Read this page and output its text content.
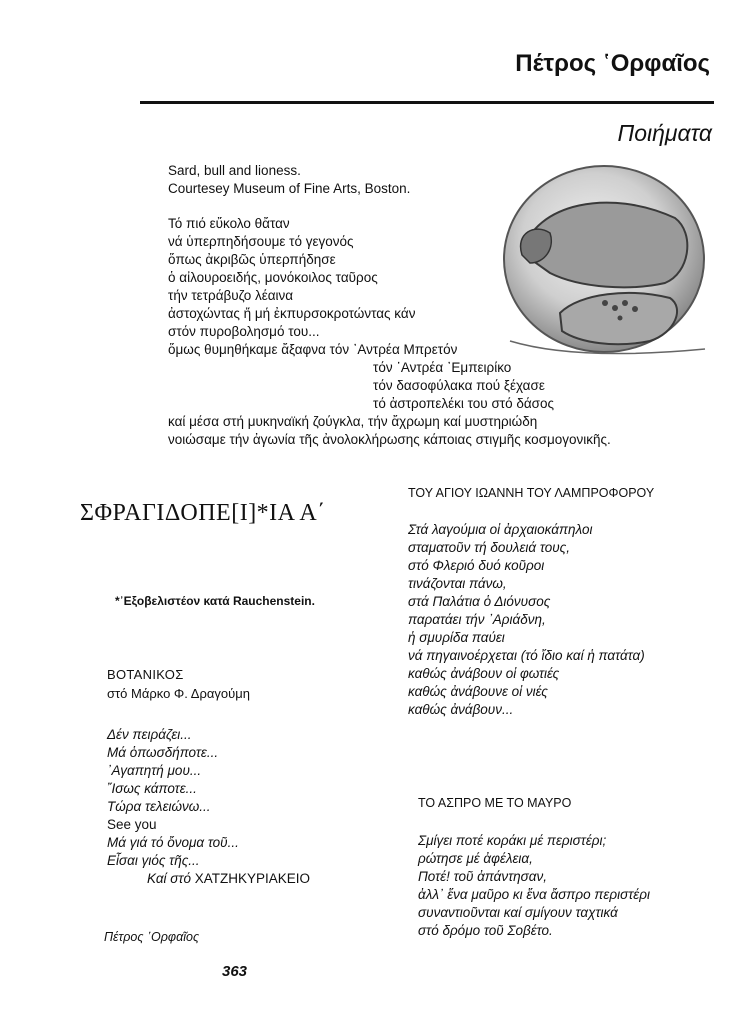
Πέτρος ῾Ορφαῖος
Ποιήματα
Sard, bull and lioness.
Courtesey Museum of Fine Arts, Boston.
Τό πιό εὔκολο θἄταν
νά ὑπερπηδήσουμε τό γεγονός
ὅπως ἀκριβῶς ὑπερπήδησε
ὁ αἰλουροειδής, μονόκοιλος ταῦρος
τήν τετράβυζο λέαινα
ἀστοχώντας ἤ μή ἐκπυρσοκροτώντας κάν
στόν πυροβολησμό του...
ὅμως θυμηθήκαμε ἄξαφνα τόν ᾿Αντρέα Μπρετόν
τόν ᾿Αντρέα ᾿Εμπειρίκο
τόν δασοφύλακα πού ξέχασε
τό ἀστροπελέκι του στό δάσος
καί μέσα στή μυκηναϊκή ζούγκλα, τήν ἄχρωμη καί μυστηριώδη
νοιώσαμε τήν ἀγωνία τῆς ἀνολοκλήρωσης κάποιας στιγμῆς κοσμογονικῆς.
ΣΦΡΑΓΙΔΟΠΕ[Ι]*ΙΑ Α΄
*᾿Εξοβελιστέον κατά Rauchenstein.
ΒΟΤΑΝΙΚΟΣ
στό Μάρκο Φ. Δραγούμη
Δέν πειράζει...
Μά ὁπωσδήποτε...
᾿Αγαπητή μου...
῎Ισως κάποτε...
Τώρα τελειώνω...
See you
Μά γιά τό ὄνομα τοῦ...
Εἶσαι γιός τῆς...
Καί στό ΧΑΤΖΗΚΥΡΙΑΚΕΙΟ
Πέτρος ῾Ορφαῖος
363
ΤΟΥ ΑΓΙΟΥ ΙΩΑΝΝΗ ΤΟΥ ΛΑΜΠΡΟΦΟΡΟΥ
Στά λαγούμια οἱ ἀρχαιοκάπηλοι
σταματοῦν τή δουλειά τους,
στό Φλεριό δυό κοῦροι
τινάζονται πάνω,
στά Παλάτια ὁ Διόνυσος
παρατάει τήν ᾿Αριάδνη,
ἡ σμυρίδα παύει
νά πηγαινοέρχεται (τό ἴδιο καί ἡ πατάτα)
καθώς ἀνάβουν οἱ φωτιές
καθώς ἀνάβουνε οἱ νιές
καθώς ἀνάβουν...
ΤΟ ΑΣΠΡΟ ΜΕ ΤΟ ΜΑΥΡΟ
Σμίγει ποτέ κοράκι μέ περιστέρι;
ρώτησε μέ ἀφέλεια,
Ποτέ! τοῦ ἀπάντησαν,
ἀλλ᾿ ἕνα μαῦρο κι ἕνα ἄσπρο περιστέρι
συναντιοῦνται καί σμίγουν ταχτικά
στό δρόμο τοῦ Σοβέτο.
